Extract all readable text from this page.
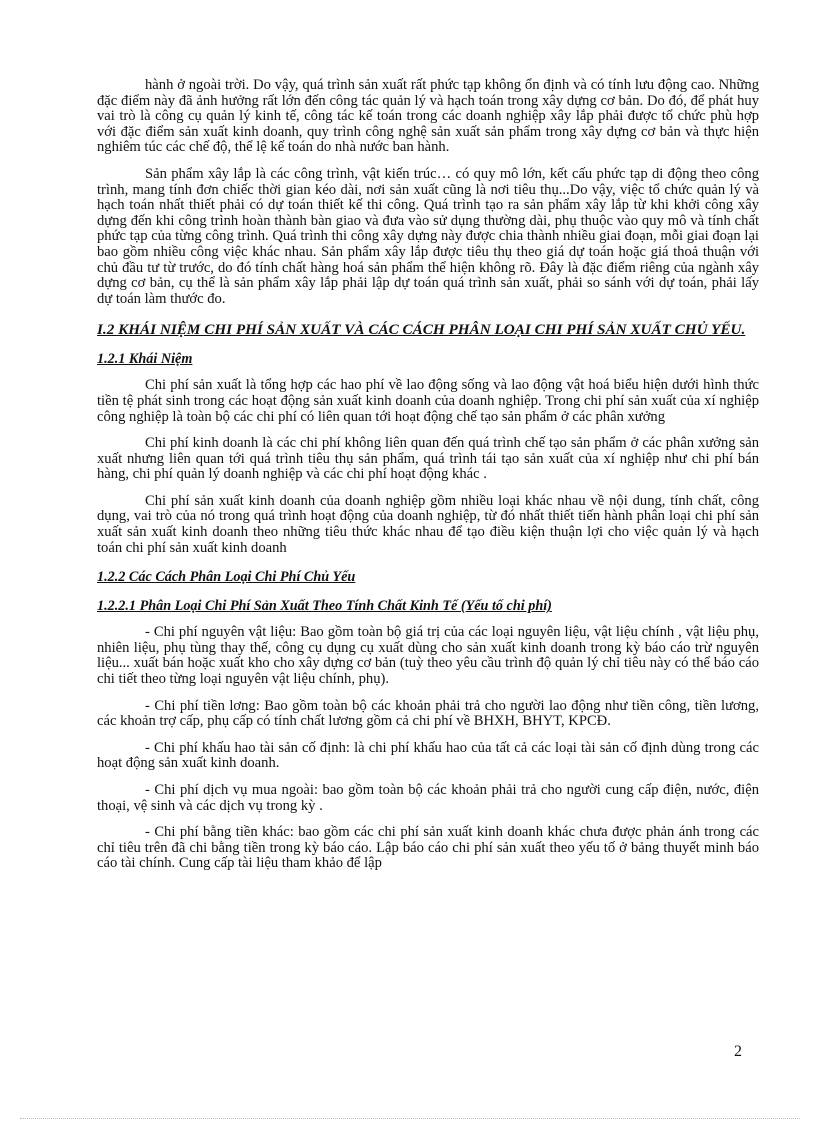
hành ở ngoài trời. Do vậy, quá trình sản xuất rất phức tạp không ổn định và có tính lưu động cao. Những đặc điểm này đã ảnh hưởng rất lớn đến công tác quản lý và hạch toán trong xây dựng cơ bản. Do đó, để phát huy vai trò là công cụ quản lý kinh tế, công tác kế toán trong các doanh nghiệp xây lắp phải được tổ chức phù hợp với đặc điểm sản xuất kinh doanh, quy trình công nghệ sản xuất sản phẩm trong xây dựng cơ bản và thực hiện nghiêm túc các chế độ, thể lệ kế toán do nhà nước ban hành.

Sản phẩm xây lắp là các công trình, vật kiến trúc… có quy mô lớn, kết cấu phức tạp di động theo công trình, mang tính đơn chiếc thời gian kéo dài, nơi sản xuất cũng là nơi tiêu thụ...Do vậy, việc tổ chức quản lý và hạch toán nhất thiết phải có dự toán thiết kế thi công. Quá trình tạo ra sản phẩm xây lắp từ khi khởi công xây dựng đến khi công trình hoàn thành bàn giao và đưa vào sử dụng thường dài, phụ thuộc vào quy mô và tính chất phức tạp của từng công trình. Quá trình thi công xây dựng này được chia thành nhiều giai đoạn, mỗi giai đoạn lại bao gồm nhiều công việc khác nhau. Sản phẩm xây lắp được tiêu thụ theo giá dự toán hoặc giá thoả thuận với chủ đầu tư từ trước, do đó tính chất hàng hoá sản phẩm thể hiện không rõ. Đây là đặc điểm riêng của ngành xây dựng cơ bản, cụ thể là sản phẩm xây lắp phải lập dự toán quá trình sản xuất, phải so sánh với dự toán, phải lấy dự toán làm thước đo.

I.2 KHÁI NIỆM CHI PHÍ SẢN XUẤT VÀ CÁC CÁCH PHÂN LOẠI CHI PHÍ SẢN XUẤT CHỦ YẾU.

1.2.1 Khái Niệm

Chi phí sản xuất là tổng hợp các hao phí về lao động sống và lao động vật hoá biểu hiện dưới hình thức tiền tệ phát sinh trong các hoạt động sản xuất kinh doanh của doanh nghiệp. Trong chi phí sản xuất của xí nghiệp công nghiệp là toàn bộ các chi phí có liên quan tới hoạt động chế tạo sản phẩm ở các phân xưởng

Chi phí kinh doanh là các chi phí không liên quan đến quá trình chế tạo sản phẩm ở các phân xưởng sản xuất nhưng liên quan tới quá trình tiêu thụ sản phẩm, quá trình tái tạo sản xuất của xí nghiệp như chi phí bán hàng, chi phí quản lý doanh nghiệp và các chi phí hoạt động khác .

Chi phí sản xuất kinh doanh của doanh nghiệp gồm nhiều loại khác nhau về nội dung, tính chất, công dụng, vai trò của nó trong quá trình hoạt động của doanh nghiệp, từ đó nhất thiết tiến hành phân loại chi phí sản xuất sản xuất kinh doanh theo những tiêu thức khác nhau để tạo điều kiện thuận lợi cho việc quản lý và hạch toán chi phí sản xuất kinh doanh

1.2.2 Các Cách Phân Loại Chi Phí Chủ Yếu

1.2.2.1 Phân Loại Chi Phí Sản Xuất Theo Tính Chất Kinh Tế (Yếu tố chi phí)

- Chi phí nguyên vật liệu: Bao gồm toàn bộ giá trị của các loại nguyên liệu, vật liệu chính , vật liệu phụ, nhiên liệu, phụ tùng thay thế, công cụ dụng cụ xuất dùng cho sản xuất kinh doanh trong kỳ báo cáo trừ nguyên liệu... xuất bán hoặc xuất kho cho xây dựng cơ bản (tuỳ theo yêu cầu trình độ quản lý chỉ tiêu này có thể báo cáo chi tiết theo từng loại nguyên vật liệu chính, phụ).

- Chi phí tiền lơng: Bao gồm toàn bộ các khoản phải trả cho người lao động như tiền công, tiền lương, các khoản trợ cấp, phụ cấp có tính chất lương gồm cả chi phí về BHXH, BHYT, KPCĐ.

- Chi phí khấu hao tài sản cố định: là chi phí khấu hao của tất cả các loại tài sản cố định dùng trong các hoạt động sản xuất kinh doanh.

- Chi phí dịch vụ mua ngoài: bao gồm toàn bộ các khoản phải trả cho người cung cấp điện, nước, điện thoại, vệ sinh và các dịch vụ trong kỳ .

- Chi phí bằng tiền khác: bao gồm các chi phí sản xuất kinh doanh khác chưa được phản ánh trong các chỉ tiêu trên đã chi bằng tiền trong kỳ báo cáo. Lập báo cáo chi phí sản xuất theo yếu tố ở bảng thuyết minh báo cáo tài chính. Cung cấp tài liệu tham khảo để lập

2
